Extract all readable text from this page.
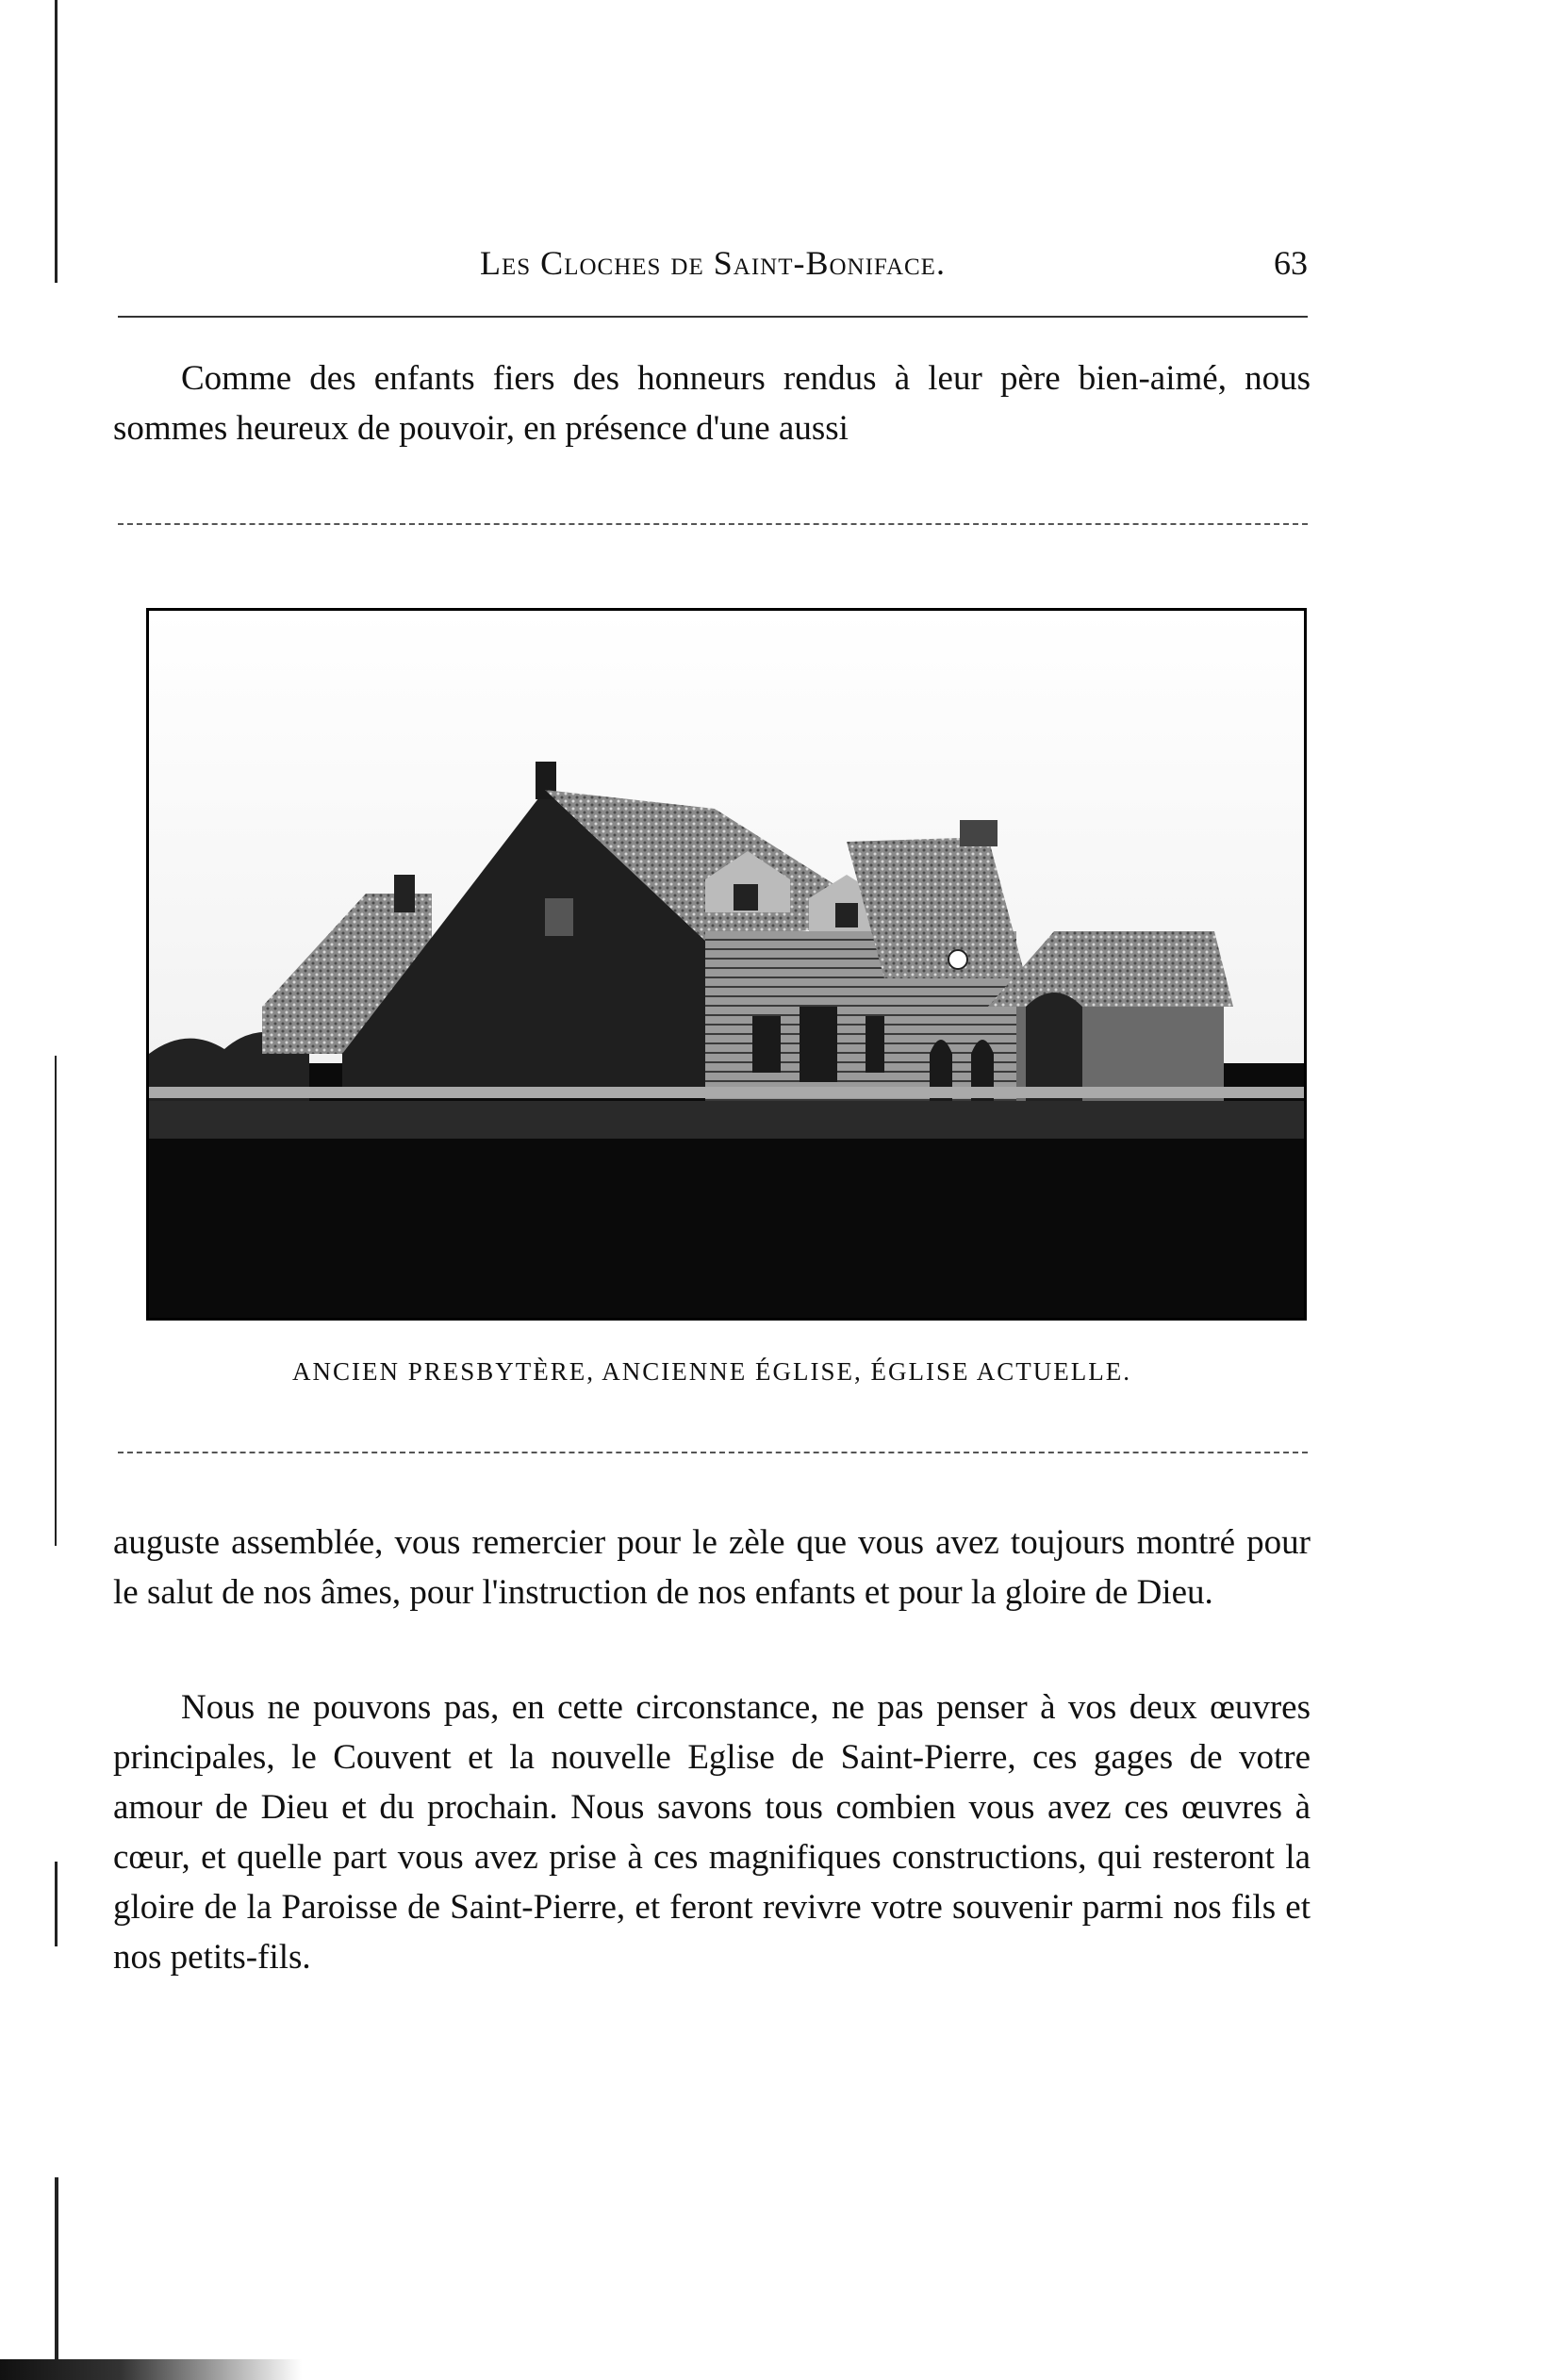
Les Cloches de Saint-Boniface.	63

Comme des enfants fiers des honneurs rendus à leur père bien-aimé, nous sommes heureux de pouvoir, en présence d'une aussi

ANCIEN PRESBYTÈRE, ANCIENNE ÉGLISE, ÉGLISE ACTUELLE.

auguste assemblée, vous remercier pour le zèle que vous avez toujours montré pour le salut de nos âmes, pour l'instruction de nos enfants et pour la gloire de Dieu.

Nous ne pouvons pas, en cette circonstance, ne pas penser à vos deux œuvres principales, le Couvent et la nouvelle Eglise de Saint-Pierre, ces gages de votre amour de Dieu et du prochain. Nous savons tous combien vous avez ces œuvres à cœur, et quelle part vous avez prise à ces magnifiques constructions, qui resteront la gloire de la Paroisse de Saint-Pierre, et feront revivre votre souvenir parmi nos fils et nos petits-fils.
